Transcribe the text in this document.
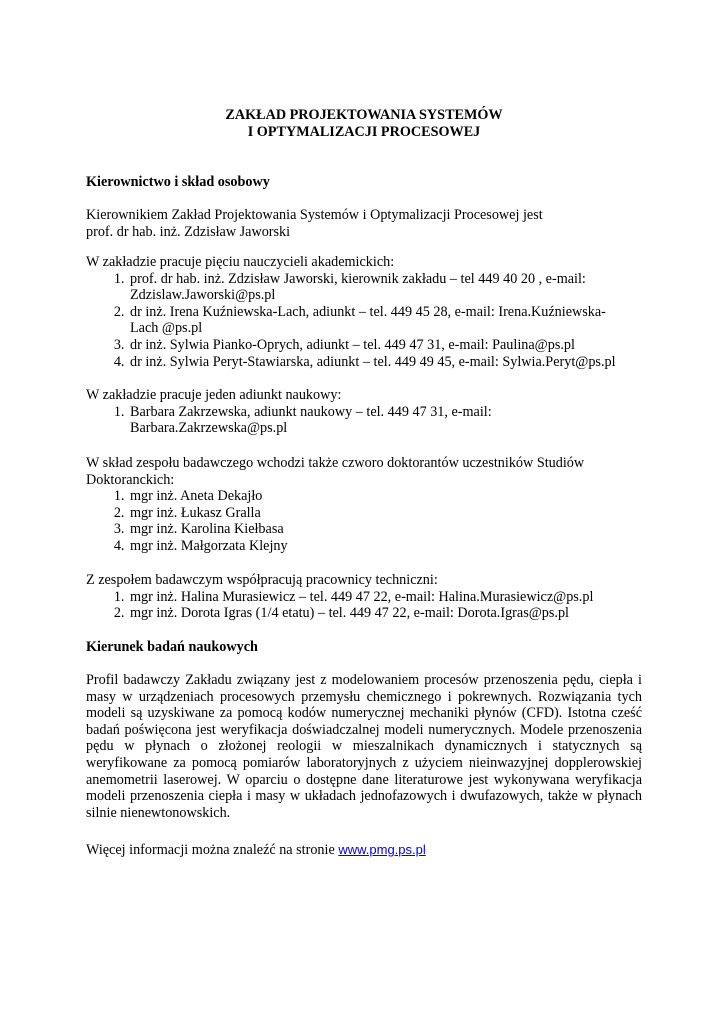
ZAKŁAD PROJEKTOWANIA SYSTEMÓW
I OPTYMALIZACJI PROCESOWEJ
Kierownictwo i skład osobowy
Kierownikiem Zakład Projektowania Systemów i Optymalizacji Procesowej jest
prof. dr hab. inż. Zdzisław Jaworski
W zakładzie pracuje pięciu nauczycieli akademickich:
1. prof. dr hab. inż. Zdzisław Jaworski, kierownik zakładu – tel 449 40 20 , e-mail:
Zdzislaw.Jaworski@ps.pl
2. dr inż. Irena Kuźniewska-Lach, adiunkt – tel. 449 45 28, e-mail: Irena.Kuźniewska-
Lach @ps.pl
3. dr inż. Sylwia Pianko-Oprych, adiunkt – tel. 449 47 31, e-mail: Paulina@ps.pl
4. dr inż. Sylwia Peryt-Stawiarska, adiunkt – tel. 449 49 45, e-mail: Sylwia.Peryt@ps.pl
W zakładzie pracuje jeden adiunkt naukowy:
1. Barbara Zakrzewska, adiunkt naukowy – tel. 449 47 31, e-mail:
Barbara.Zakrzewska@ps.pl
W skład zespołu badawczego wchodzi także czworo doktorantów uczestników Studiów
Doktoranckich:
1. mgr inż. Aneta Dekajło
2. mgr inż. Łukasz Gralla
3. mgr inż. Karolina Kiełbasa
4. mgr inż. Małgorzata Klejny
Z zespołem badawczym współpracują pracownicy techniczni:
1. mgr inż. Halina Murasiewicz – tel. 449 47 22, e-mail: Halina.Murasiewicz@ps.pl
2. mgr inż. Dorota Igras (1/4 etatu) – tel. 449 47 22, e-mail: Dorota.Igras@ps.pl
Kierunek badań naukowych
Profil badawczy Zakładu związany jest z modelowaniem procesów przenoszenia pędu, ciepła i masy w urządzeniach procesowych przemysłu chemicznego i pokrewnych. Rozwiązania tych modeli są uzyskiwane za pomocą kodów numerycznej mechaniki płynów (CFD). Istotna cześć badań poświęcona jest weryfikacja doświadczalnej modeli numerycznych. Modele przenoszenia pędu w płynach o złożonej reologii w mieszalnikach dynamicznych i statycznych są weryfikowane za pomocą pomiarów laboratoryjnych z użyciem nieinwazyjnej dopplerowskiej anemometrii laserowej. W oparciu o dostępne dane literaturowe jest wykonywana weryfikacja modeli przenoszenia ciepła i masy w układach jednofazowych i dwufazowych, także w płynach silnie nienewtonowskich.
Więcej informacji można znaleźć na stronie www.pmg.ps.pl
